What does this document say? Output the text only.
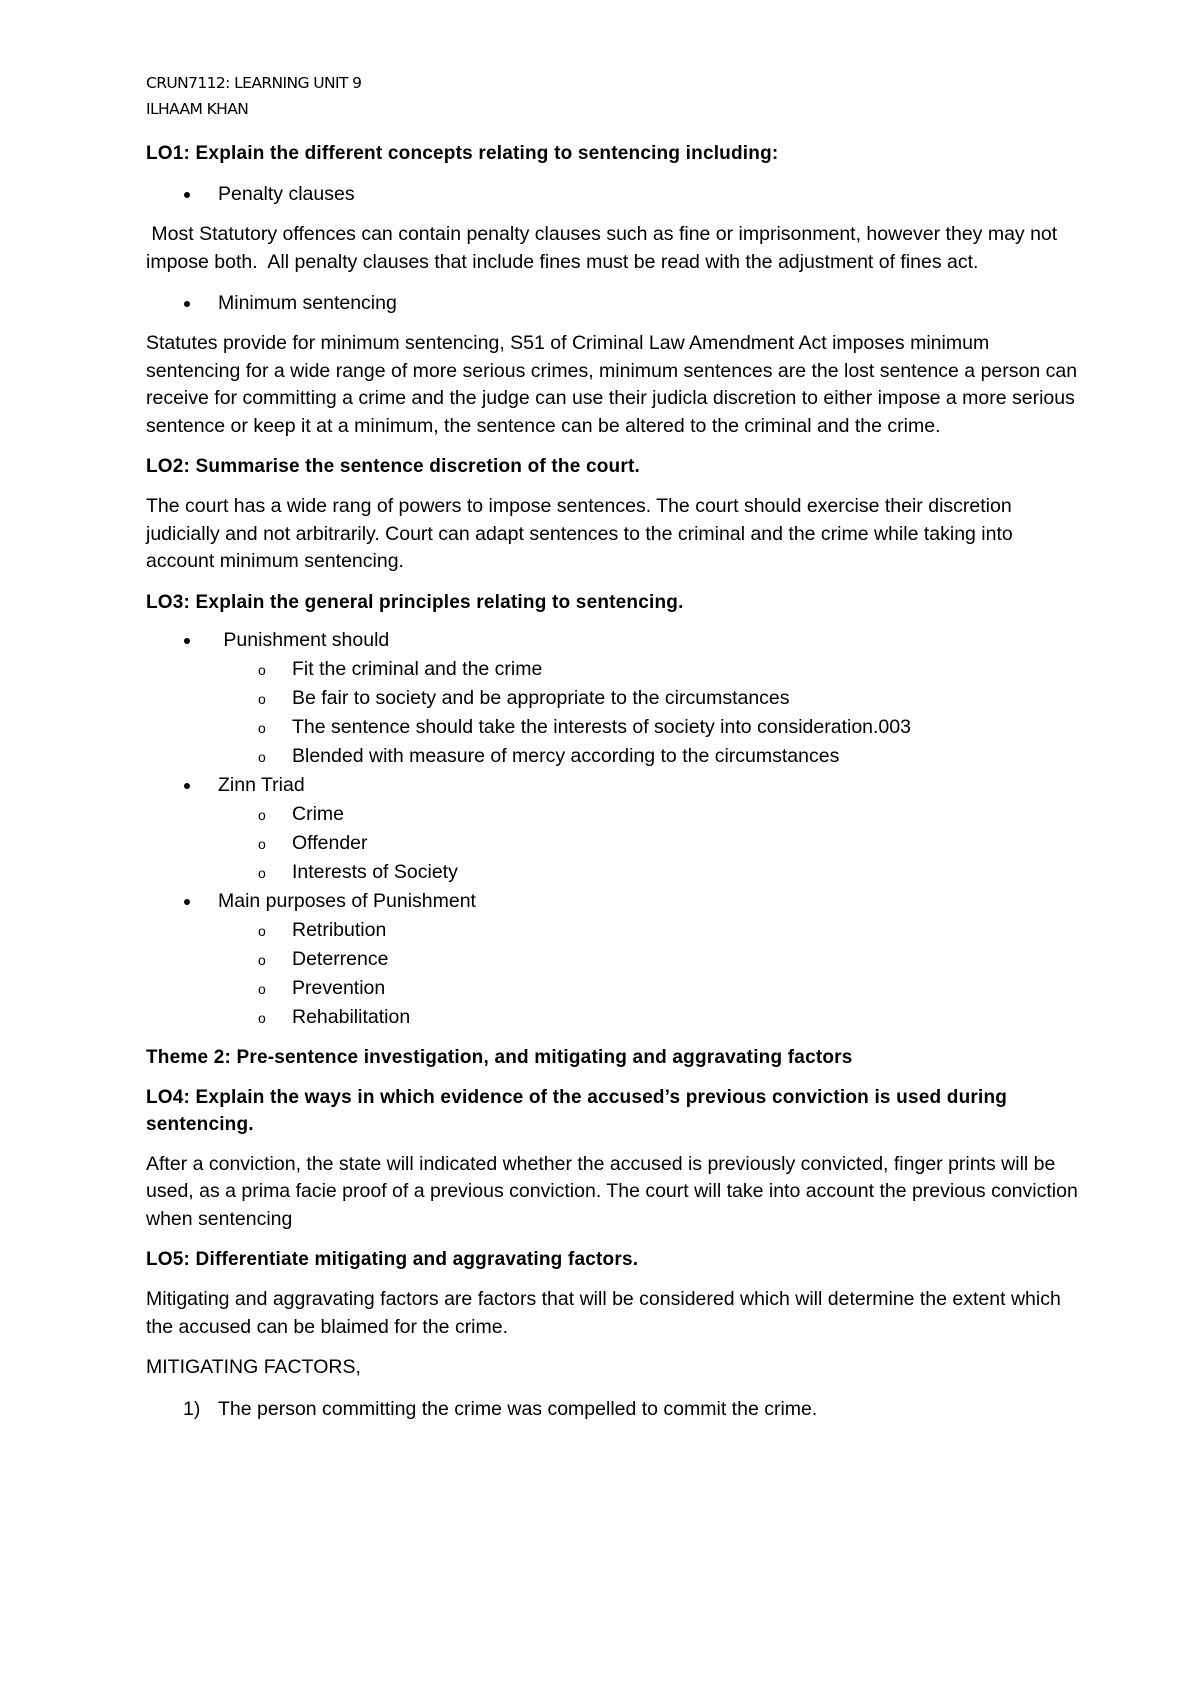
CRUN7112: LEARNING UNIT 9
ILHAAM KHAN
LO1: Explain the different concepts relating to sentencing including:
Penalty clauses

Most Statutory offences can contain penalty clauses such as fine or imprisonment, however they may not impose both.  All penalty clauses that include fines must be read with the adjustment of fines act.

Minimum sentencing

Statutes provide for minimum sentencing, S51 of Criminal Law Amendment Act imposes minimum sentencing for a wide range of more serious crimes, minimum sentences are the lost sentence a person can receive for committing a crime and the judge can use their judicla discretion to either impose a more serious sentence or keep it at a minimum, the sentence can be altered to the criminal and the crime.

LO2: Summarise the sentence discretion of the court.

The court has a wide rang of powers to impose sentences. The court should exercise their discretion judicially and not arbitrarily. Court can adapt sentences to the criminal and the crime while taking into account minimum sentencing.

LO3: Explain the general principles relating to sentencing.
Punishment should
o Fit the criminal and the crime
o Be fair to society and be appropriate to the circumstances
o The sentence should take the interests of society into consideration.003
o Blended with measure of mercy according to the circumstances
Zinn Triad
o Crime
o Offender
o Interests of Society
Main purposes of Punishment
o Retribution
o Deterrence
o Prevention
o Rehabilitation
Theme 2: Pre-sentence investigation, and mitigating and aggravating factors
LO4: Explain the ways in which evidence of the accused’s previous conviction is used during sentencing.

After a conviction, the state will indicated whether the accused is previously convicted, finger prints will be used, as a prima facie proof of a previous conviction. The court will take into account the previous conviction when sentencing

LO5: Differentiate mitigating and aggravating factors.

Mitigating and aggravating factors are factors that will be considered which will determine the extent which the accused can be blaimed for the crime.

MITIGATING FACTORS,

1) The person committing the crime was compelled to commit the crime.
